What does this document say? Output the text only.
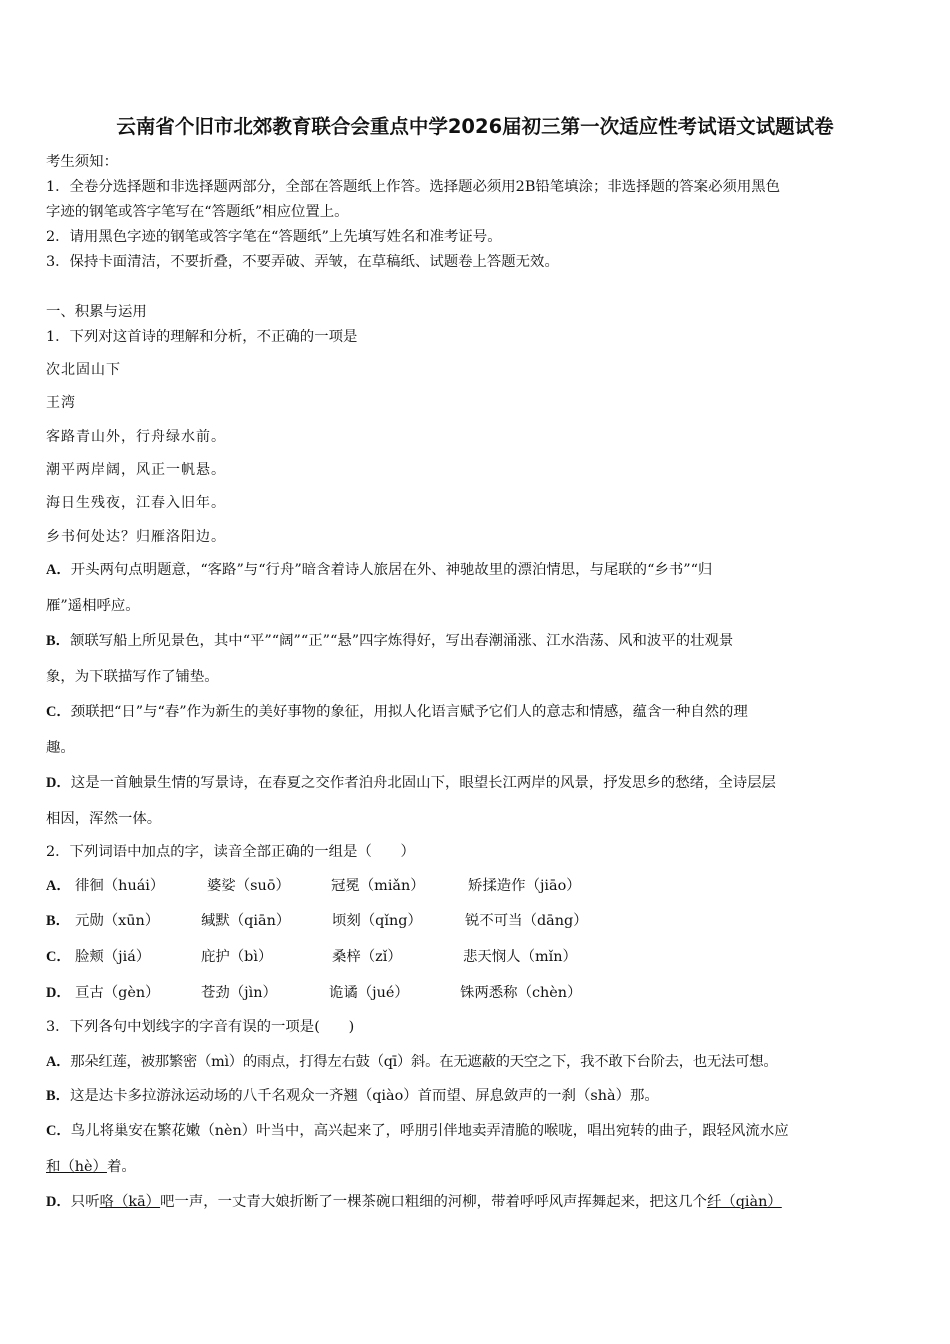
云南省个旧市北郊教育联合会重点中学2026届初三第一次适应性考试语文试题试卷
考生须知：
1．全卷分选择题和非选择题两部分，全部在答题纸上作答。选择题必须用2B铅笔填涂；非选择题的答案必须用黑色
字迹的钢笔或答字笔写在“答题纸”相应位置上。
2．请用黑色字迹的钢笔或答字笔在“答题纸”上先填写姓名和准考证号。
3．保持卡面清洁，不要折叠，不要弄破、弄皱，在草稿纸、试题卷上答题无效。
一、积累与运用
1．下列对这首诗的理解和分析，不正确的一项是
次北固山下
王湾
客路青山外，行舟绿水前。
潮平两岸阔，风正一帆悬。
海日生残夜，江春入旧年。
乡书何处达？归雁洛阳边。
A．开头两句点明题意，“客路”与“行舟”暗含着诗人旅居在外、神驰故里的漂泊情思，与尾联的“乡书”“归
雁”遥相呼应。
B．颔联写船上所见景色，其中“平”“阔”“正”“悬”四字炼得好，写出春潮涌涨、江水浩荡、风和波平的壮观景
象，为下联描写作了铺垫。
C．颈联把“日”与“春”作为新生的美好事物的象征，用拟人化语言赋予它们人的意志和情感，蕴含一种自然的理
趣。
D．这是一首触景生情的写景诗，在春夏之交作者泊舟北固山下，眼望长江两岸的风景，抒发思乡的愁绪，全诗层层
相因，浑然一体。
2．下列词语中加点的字，读音全部正确的一组是（　　）
A． 徘徊（huái）	婆娑（suō）	冠冕（miǎn）	矫揉造作（jiāo）
B． 元勋（xūn）	缄默（qiān）	顷刻（qǐng）	锐不可当（dāng）
C． 脸颊（jiá）	庇护（bì）	桑梓（zǐ）	悲天悯人（mǐn）
D． 亘古（gèn）	苍劲（jìn）	诡谲（jué）	铢两悉称（chèn）
3．下列各句中划线字的字音有误的一项是(　　)
A．那朵红莲，被那繁密（mì）的雨点，打得左右鼓（qī）斜。在无遮蔽的天空之下，我不敢下台阶去，也无法可想。
B．这是达卡多拉游泳运动场的八千名观众一齐翘（qiào）首而望、屏息敛声的一刹（shà）那。
C．鸟儿将巢安在繁花嫩（nèn）叶当中，高兴起来了，呼朋引伴地卖弄清脆的喉咙，唱出宛转的曲子，跟轻风流水应
和（hè）着。
D．只听咯（kā）吧一声，一丈青大娘折断了一棵茶碗口粗细的河柳，带着呼呼风声挥舞起来，把这几个纤（qiàn）
